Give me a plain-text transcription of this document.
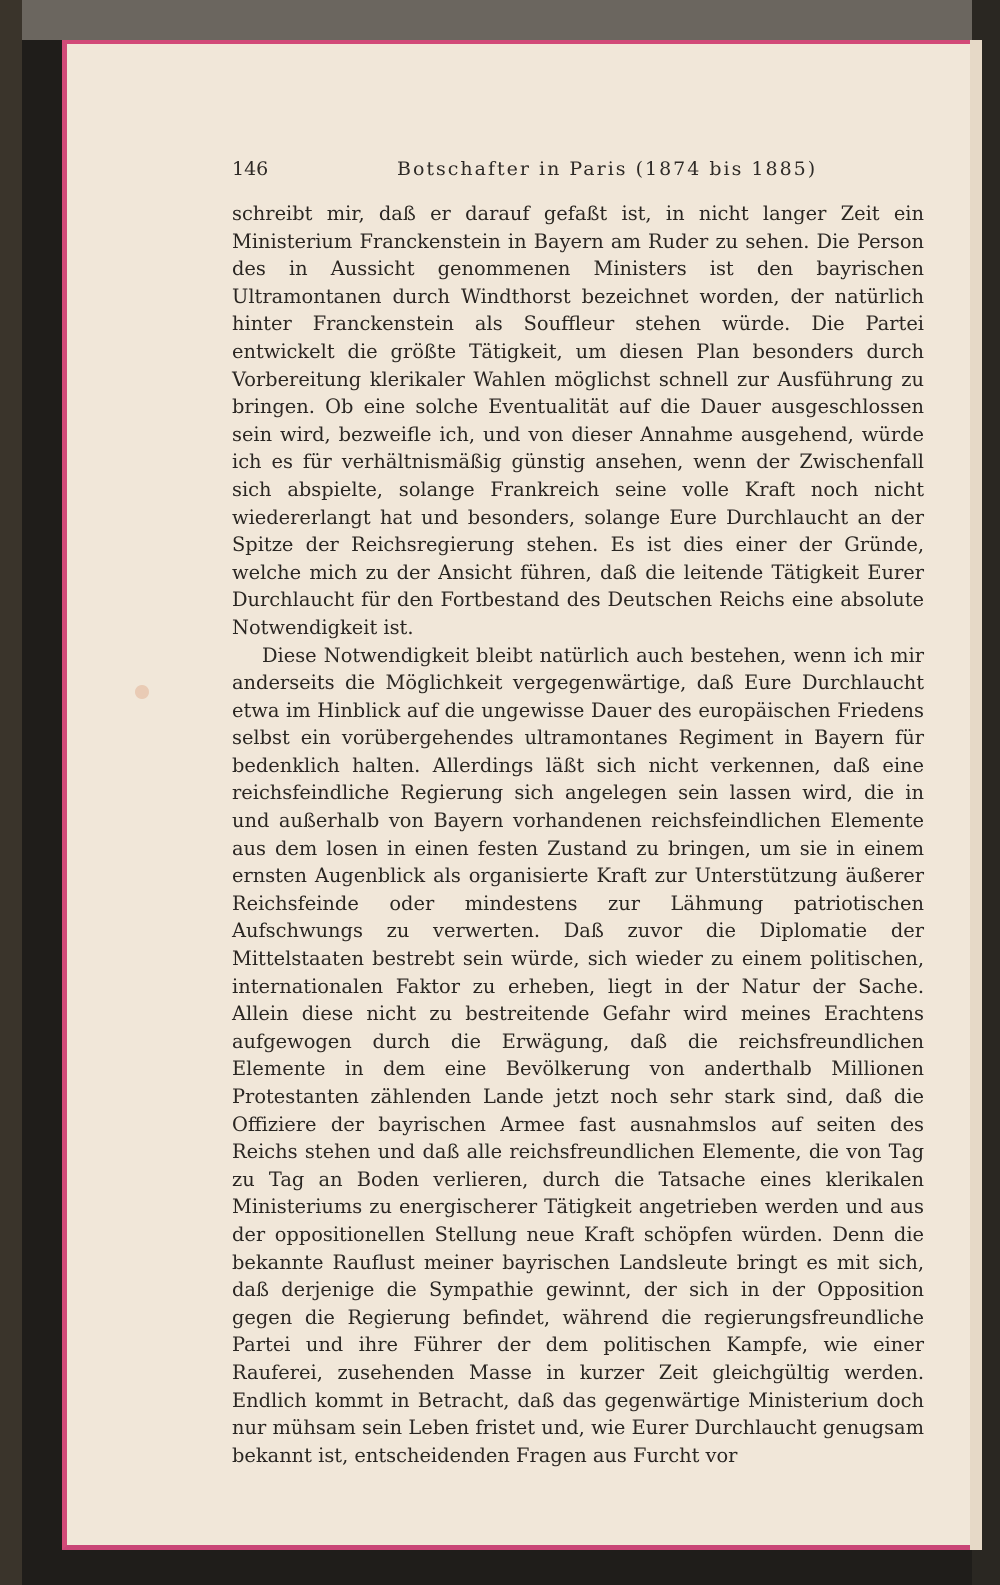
146	Botschafter in Paris (1874 bis 1885)

schreibt mir, daß er darauf gefaßt ist, in nicht langer Zeit ein Ministerium Franckenstein in Bayern am Ruder zu sehen. Die Person des in Aussicht genommenen Ministers ist den bayrischen Ultramontanen durch Windthorst bezeichnet worden, der natürlich hinter Franckenstein als Souffleur stehen würde. Die Partei entwickelt die größte Tätigkeit, um diesen Plan besonders durch Vorbereitung klerikaler Wahlen möglichst schnell zur Ausführung zu bringen. Ob eine solche Eventualität auf die Dauer ausgeschlossen sein wird, bezweifle ich, und von dieser Annahme ausgehend, würde ich es für verhältnismäßig günstig ansehen, wenn der Zwischenfall sich abspielte, solange Frankreich seine volle Kraft noch nicht wiedererlangt hat und besonders, solange Eure Durchlaucht an der Spitze der Reichsregierung stehen. Es ist dies einer der Gründe, welche mich zu der Ansicht führen, daß die leitende Tätigkeit Eurer Durchlaucht für den Fortbestand des Deutschen Reichs eine absolute Notwendigkeit ist.

Diese Notwendigkeit bleibt natürlich auch bestehen, wenn ich mir anderseits die Möglichkeit vergegenwärtige, daß Eure Durchlaucht etwa im Hinblick auf die ungewisse Dauer des europäischen Friedens selbst ein vorübergehendes ultramontanes Regiment in Bayern für bedenklich halten. Allerdings läßt sich nicht verkennen, daß eine reichsfeindliche Regierung sich angelegen sein lassen wird, die in und außerhalb von Bayern vorhandenen reichsfeindlichen Elemente aus dem losen in einen festen Zustand zu bringen, um sie in einem ernsten Augenblick als organisierte Kraft zur Unterstützung äußerer Reichsfeinde oder mindestens zur Lähmung patriotischen Aufschwungs zu verwerten. Daß zuvor die Diplomatie der Mittelstaaten bestrebt sein würde, sich wieder zu einem politischen, internationalen Faktor zu erheben, liegt in der Natur der Sache. Allein diese nicht zu bestreitende Gefahr wird meines Erachtens aufgewogen durch die Erwägung, daß die reichsfreundlichen Elemente in dem eine Bevölkerung von anderthalb Millionen Protestanten zählenden Lande jetzt noch sehr stark sind, daß die Offiziere der bayrischen Armee fast ausnahmslos auf seiten des Reichs stehen und daß alle reichsfreundlichen Elemente, die von Tag zu Tag an Boden verlieren, durch die Tatsache eines klerikalen Ministeriums zu energischerer Tätigkeit angetrieben werden und aus der oppositionellen Stellung neue Kraft schöpfen würden. Denn die bekannte Rauflust meiner bayrischen Landsleute bringt es mit sich, daß derjenige die Sympathie gewinnt, der sich in der Opposition gegen die Regierung befindet, während die regierungsfreundliche Partei und ihre Führer der dem politischen Kampfe, wie einer Rauferei, zusehenden Masse in kurzer Zeit gleichgültig werden. Endlich kommt in Betracht, daß das gegenwärtige Ministerium doch nur mühsam sein Leben fristet und, wie Eurer Durchlaucht genugsam bekannt ist, entscheidenden Fragen aus Furcht vor
